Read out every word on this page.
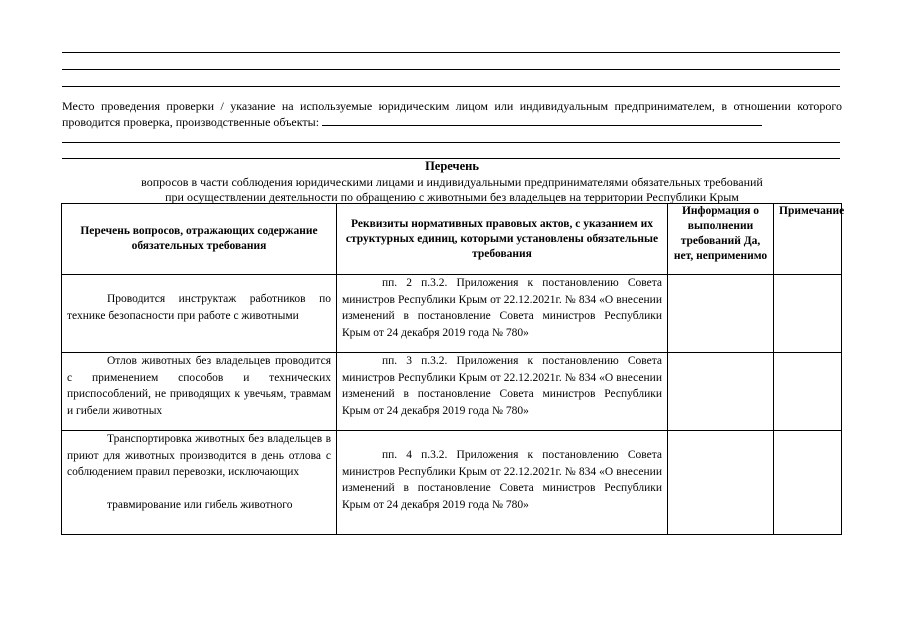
Место проведения проверки / указание на используемые юридическим лицом или индивидуальным предпринимателем, в отношении которого проводится проверка, производственные объекты:
Перечень
вопросов в части соблюдения юридическими лицами и индивидуальными предпринимателями обязательных требований
при осуществлении деятельности по обращению с животными без владельцев на территории Республики Крым
Перечень вопросов, отражающих содержание обязательных требования	Реквизиты нормативных правовых актов, с указанием их структурных единиц, которыми установлены обязательные требования	Информация о выполнении требований Да, нет, неприменимо	Примечание

Проводится инструктаж работников по технике безопасности при работе с животными	пп. 2 п.3.2. Приложения к постановлению Совета министров Республики Крым от 22.12.2021г. № 834 «О внесении изменений в постановление Совета министров Республики Крым от 24 декабря 2019 года № 780»		

Отлов животных без владельцев проводится с применением способов и технических приспособлений, не приводящих к увечьям, травмам и гибели животных	пп. 3 п.3.2. Приложения к постановлению Совета министров Республики Крым от 22.12.2021г. № 834 «О внесении изменений в постановление Совета министров Республики Крым от 24 декабря 2019 года № 780»		

Транспортировка животных без владельцев в приют для животных производится в день отлова с соблюдением правил перевозки, исключающих
травмирование или гибель животного	пп. 4 п.3.2. Приложения к постановлению Совета министров Республики Крым от 22.12.2021г. № 834 «О внесении изменений в постановление Совета министров Республики Крым от 24 декабря 2019 года № 780»		
